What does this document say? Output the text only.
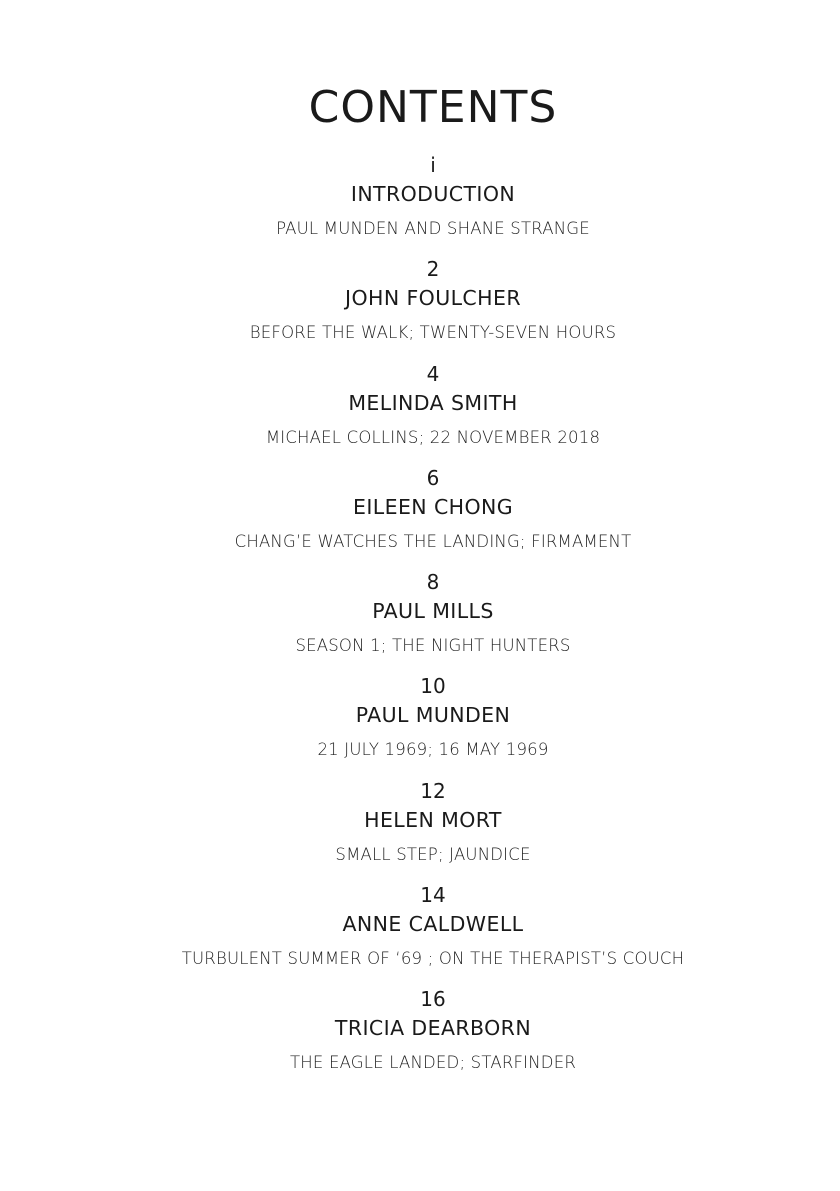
CONTENTS
i
INTRODUCTION
PAUL MUNDEN AND SHANE STRANGE
2
JOHN FOULCHER
BEFORE THE WALK; TWENTY-SEVEN HOURS
4
MELINDA SMITH
MICHAEL COLLINS; 22 NOVEMBER 2018
6
EILEEN CHONG
CHANG’E WATCHES THE LANDING; FIRMAMENT
8
PAUL MILLS
SEASON 1; THE NIGHT HUNTERS
10
PAUL MUNDEN
21 JULY 1969; 16 MAY 1969
12
HELEN MORT
SMALL STEP; JAUNDICE
14
ANNE CALDWELL
TURBULENT SUMMER OF ‘69 ; ON THE THERAPIST’S COUCH
16
TRICIA DEARBORN
THE EAGLE LANDED; STARFINDER
